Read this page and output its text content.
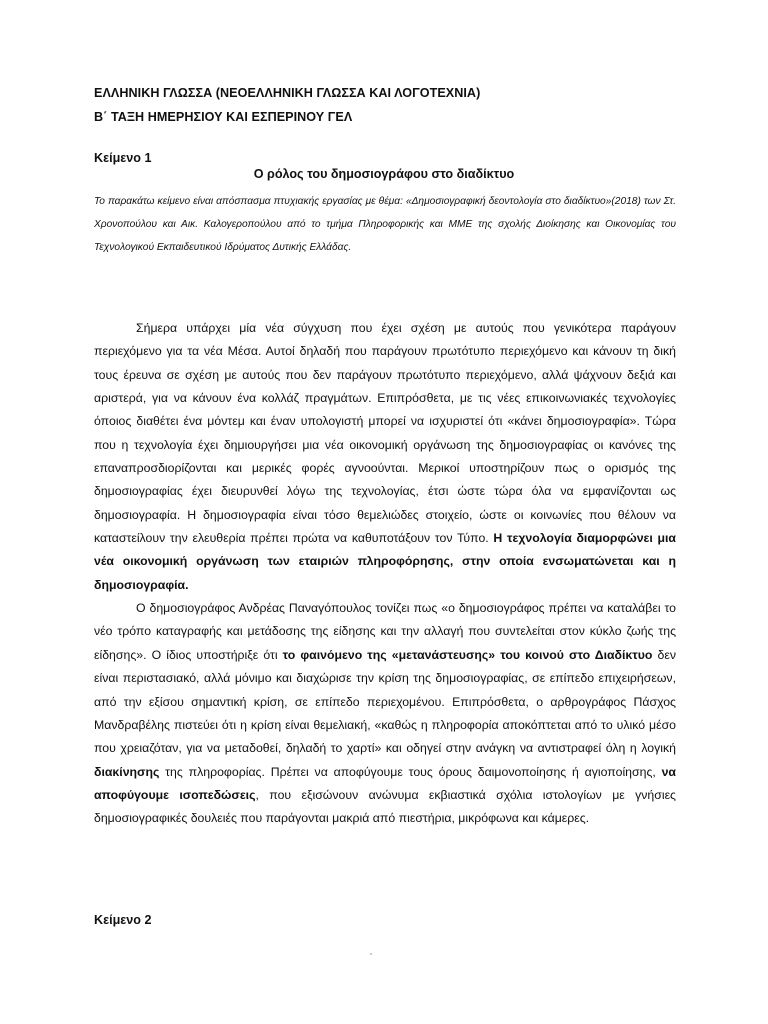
ΕΛΛΗΝΙΚΗ ΓΛΩΣΣΑ (ΝΕΟΕΛΛΗΝΙΚΗ ΓΛΩΣΣΑ ΚΑΙ ΛΟΓΟΤΕΧΝΙΑ)
Β΄ ΤΑΞΗ ΗΜΕΡΗΣΙΟΥ ΚΑΙ ΕΣΠΕΡΙΝΟΥ ΓΕΛ
Κείμενο 1
Ο ρόλος του δημοσιογράφου στο διαδίκτυο

Το παρακάτω κείμενο είναι απόσπασμα πτυχιακής εργασίας με θέμα: «Δημοσιογραφική δεοντολογία στο διαδίκτυο»(2018) των Στ. Χρονοπούλου και Αικ. Καλογεροπούλου από το τμήμα Πληροφορικής και ΜΜΕ της σχολής Διοίκησης και Οικονομίας του Τεχνολογικού Εκπαιδευτικού Ιδρύματος Δυτικής Ελλάδας.

Σήμερα υπάρχει μία νέα σύγχυση που έχει σχέση με αυτούς που γενικότερα παράγουν περιεχόμενο για τα νέα Μέσα. Αυτοί δηλαδή που παράγουν πρωτότυπο περιεχόμενο και κάνουν τη δική τους έρευνα σε σχέση με αυτούς που δεν παράγουν πρωτότυπο περιεχόμενο, αλλά ψάχνουν δεξιά και αριστερά, για να κάνουν ένα κολλάζ πραγμάτων. Επιπρόσθετα, με τις νέες επικοινωνιακές τεχνολογίες όποιος διαθέτει ένα μόντεμ και έναν υπολογιστή μπορεί να ισχυριστεί ότι «κάνει δημοσιογραφία». Τώρα που η τεχνολογία έχει δημιουργήσει μια νέα οικονομική οργάνωση της δημοσιογραφίας οι κανόνες της επαναπροσδιορίζονται και μερικές φορές αγνοούνται. Μερικοί υποστηρίζουν πως ο ορισμός της δημοσιογραφίας έχει διευρυνθεί λόγω της τεχνολογίας, έτσι ώστε τώρα όλα να εμφανίζονται ως δημοσιογραφία. Η δημοσιογραφία είναι τόσο θεμελιώδες στοιχείο, ώστε οι κοινωνίες που θέλουν να καταστείλουν την ελευθερία πρέπει πρώτα να καθυποτάξουν τον Τύπο. Η τεχνολογία διαμορφώνει μια νέα οικονομική οργάνωση των εταιριών πληροφόρησης, στην οποία ενσωματώνεται και η δημοσιογραφία.

Ο δημοσιογράφος Ανδρέας Παναγόπουλος τονίζει πως «ο δημοσιογράφος πρέπει να καταλάβει το νέο τρόπο καταγραφής και μετάδοσης της είδησης και την αλλαγή που συντελείται στον κύκλο ζωής της είδησης». Ο ίδιος υποστήριξε ότι το φαινόμενο της «μετανάστευσης» του κοινού στο Διαδίκτυο δεν είναι περιστασιακό, αλλά μόνιμο και διαχώρισε την κρίση της δημοσιογραφίας, σε επίπεδο επιχειρήσεων, από την εξίσου σημαντική κρίση, σε επίπεδο περιεχομένου. Επιπρόσθετα, ο αρθρογράφος Πάσχος Μανδραβέλης πιστεύει ότι η κρίση είναι θεμελιακή, «καθώς η πληροφορία αποκόπτεται από το υλικό μέσο που χρειαζόταν, για να μεταδοθεί, δηλαδή το χαρτί» και οδηγεί στην ανάγκη να αντιστραφεί όλη η λογική διακίνησης της πληροφορίας. Πρέπει να αποφύγουμε τους όρους δαιμονοποίησης ή αγιοποίησης, να αποφύγουμε ισοπεδώσεις, που εξισώνουν ανώνυμα εκβιαστικά σχόλια ιστολογίων με γνήσιες δημοσιογραφικές δουλειές που παράγονται μακριά από πιεστήρια, μικρόφωνα και κάμερες.

Κείμενο 2
